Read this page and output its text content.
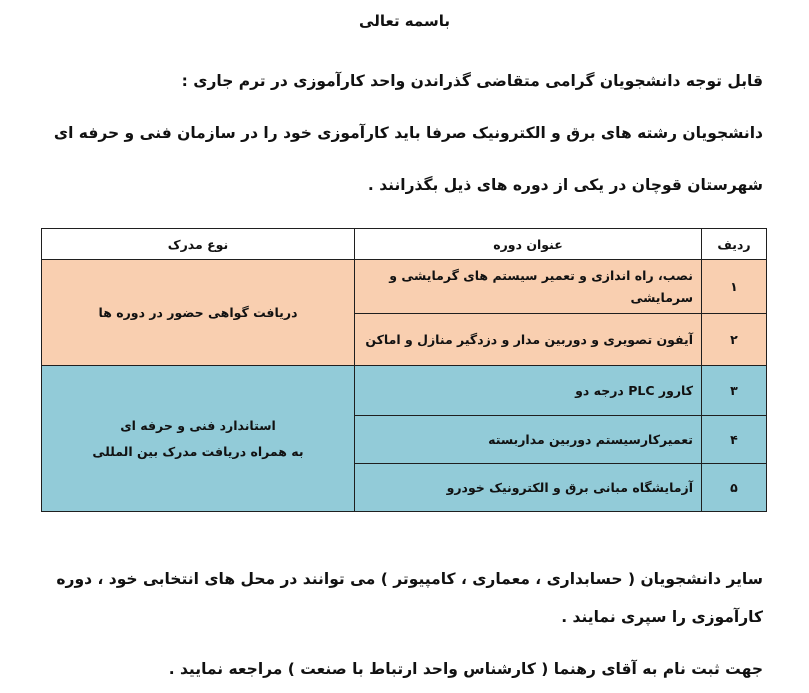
باسمه تعالی
قابل توجه دانشجویان گرامی متقاضی گذراندن واحد کارآموزی در ترم جاری :
دانشجویان رشته های برق و الکترونیک صرفا باید کارآموزی خود را در سازمان فنی و حرفه ای
شهرستان قوچان در یکی از دوره های ذیل بگذرانند .
ردیف	عنوان دوره	نوع مدرک
۱	نصب، راه اندازی و تعمیر سیستم های گرمایشی و سرمایشی	دریافت گواهی حضور در دوره ها
۲	آیفون تصویری و دوربین مدار و دزدگیر منازل و اماکن	
۳	کارور PLC درجه دو	استاندارد فنی و حرفه ای
به همراه دریافت مدرک بین المللی

۴	تعمیرکارسیستم دوربین مداربسته	
۵	آزمایشگاه مبانی برق و الکترونیک خودرو	
سایر دانشجویان ( حسابداری ، معماری ، کامپیوتر ) می توانند در محل های انتخابی خود ، دوره
کارآموزی را سپری نمایند .
جهت ثبت نام به آقای رهنما ( کارشناس واحد ارتباط با صنعت ) مراجعه نمایید .
